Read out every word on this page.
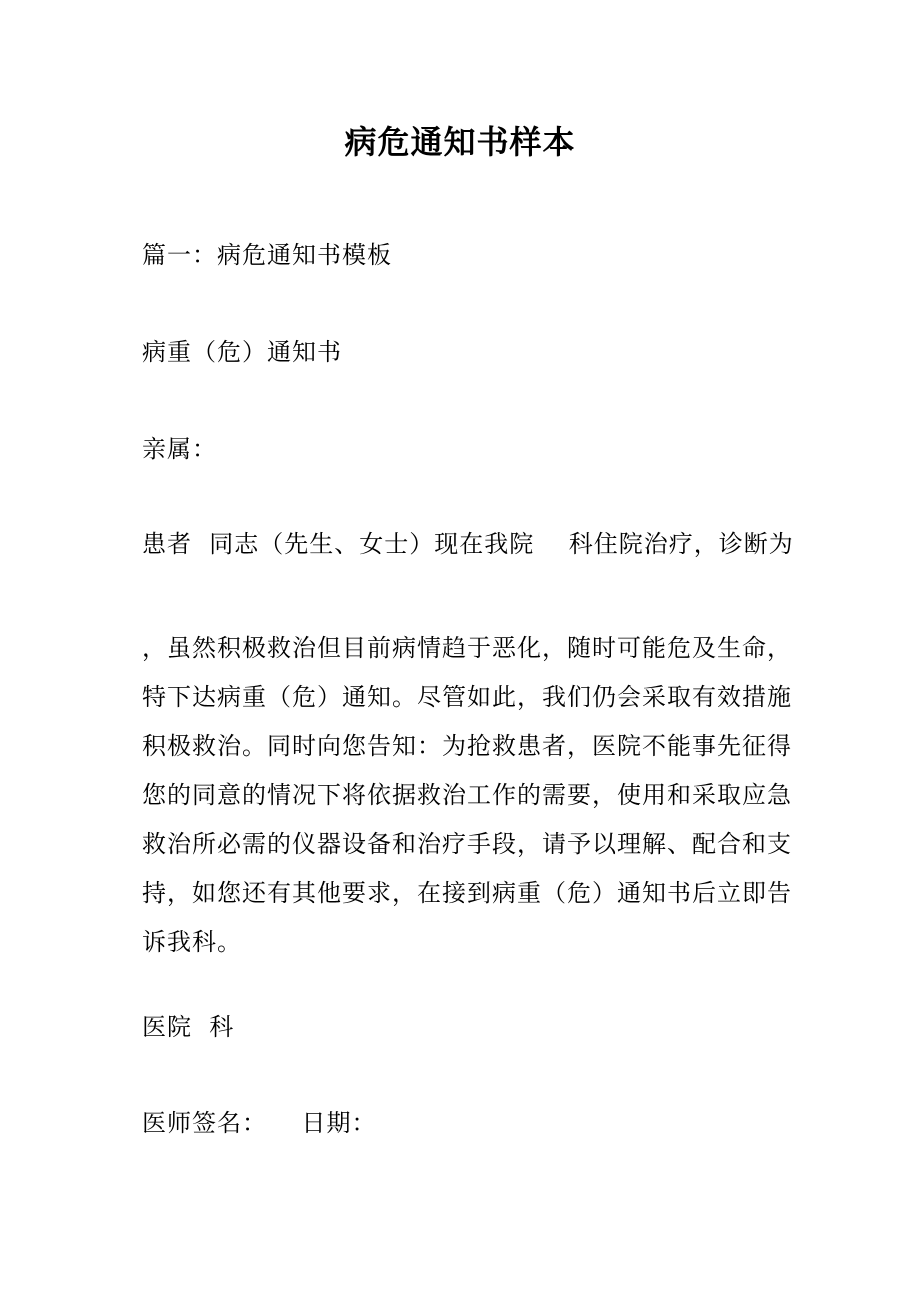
病危通知书样本
篇一：病危通知书模板
病重（危）通知书
亲属：
患者  同志（先生、女士）现在我院    科住院治疗，诊断为
，虽然积极救治但目前病情趋于恶化，随时可能危及生命，
特下达病重（危）通知。尽管如此，我们仍会采取有效措施
积极救治。同时向您告知：为抢救患者，医院不能事先征得
您的同意的情况下将依据救治工作的需要，使用和采取应急
救治所必需的仪器设备和治疗手段，请予以理解、配合和支
持，如您还有其他要求，在接到病重（危）通知书后立即告
诉我科。
医院  科
医师签名：    日期：
